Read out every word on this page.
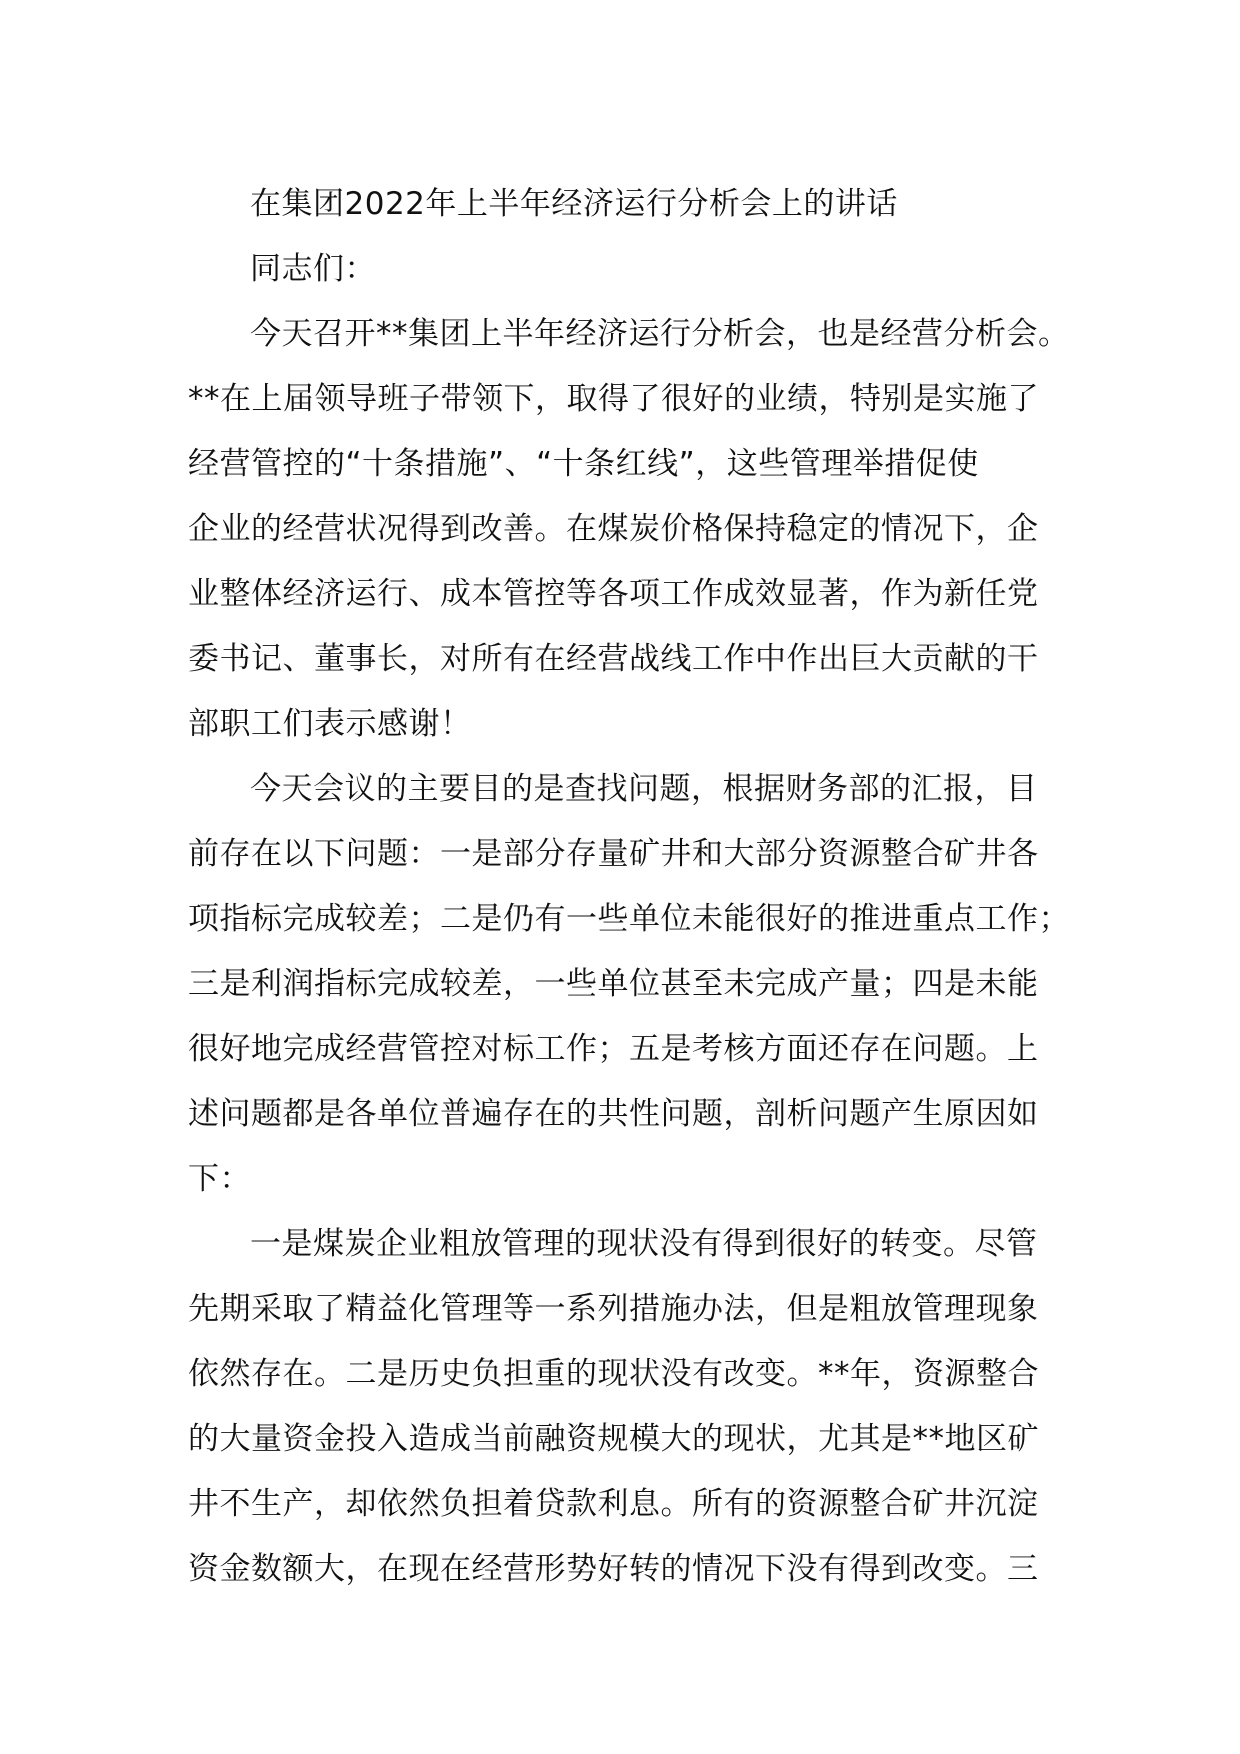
在集团2022年上半年经济运行分析会上的讲话

同志们：

今天召开**集团上半年经济运行分析会，也是经营分析会。

**在上届领导班子带领下，取得了很好的业绩，特别是实施了

经营管控的“十条措施”、“十条红线”，这些管理举措促使

企业的经营状况得到改善。在煤炭价格保持稳定的情况下，企

业整体经济运行、成本管控等各项工作成效显著，作为新任党

委书记、董事长，对所有在经营战线工作中作出巨大贡献的干

部职工们表示感谢！

今天会议的主要目的是查找问题，根据财务部的汇报，目

前存在以下问题：一是部分存量矿井和大部分资源整合矿井各

项指标完成较差；二是仍有一些单位未能很好的推进重点工作；

三是利润指标完成较差，一些单位甚至未完成产量；四是未能

很好地完成经营管控对标工作；五是考核方面还存在问题。上

述问题都是各单位普遍存在的共性问题，剖析问题产生原因如

下：

一是煤炭企业粗放管理的现状没有得到很好的转变。尽管

先期采取了精益化管理等一系列措施办法，但是粗放管理现象

依然存在。二是历史负担重的现状没有改变。**年，资源整合

的大量资金投入造成当前融资规模大的现状，尤其是**地区矿

井不生产，却依然负担着贷款利息。所有的资源整合矿井沉淀

资金数额大，在现在经营形势好转的情况下没有得到改变。三
